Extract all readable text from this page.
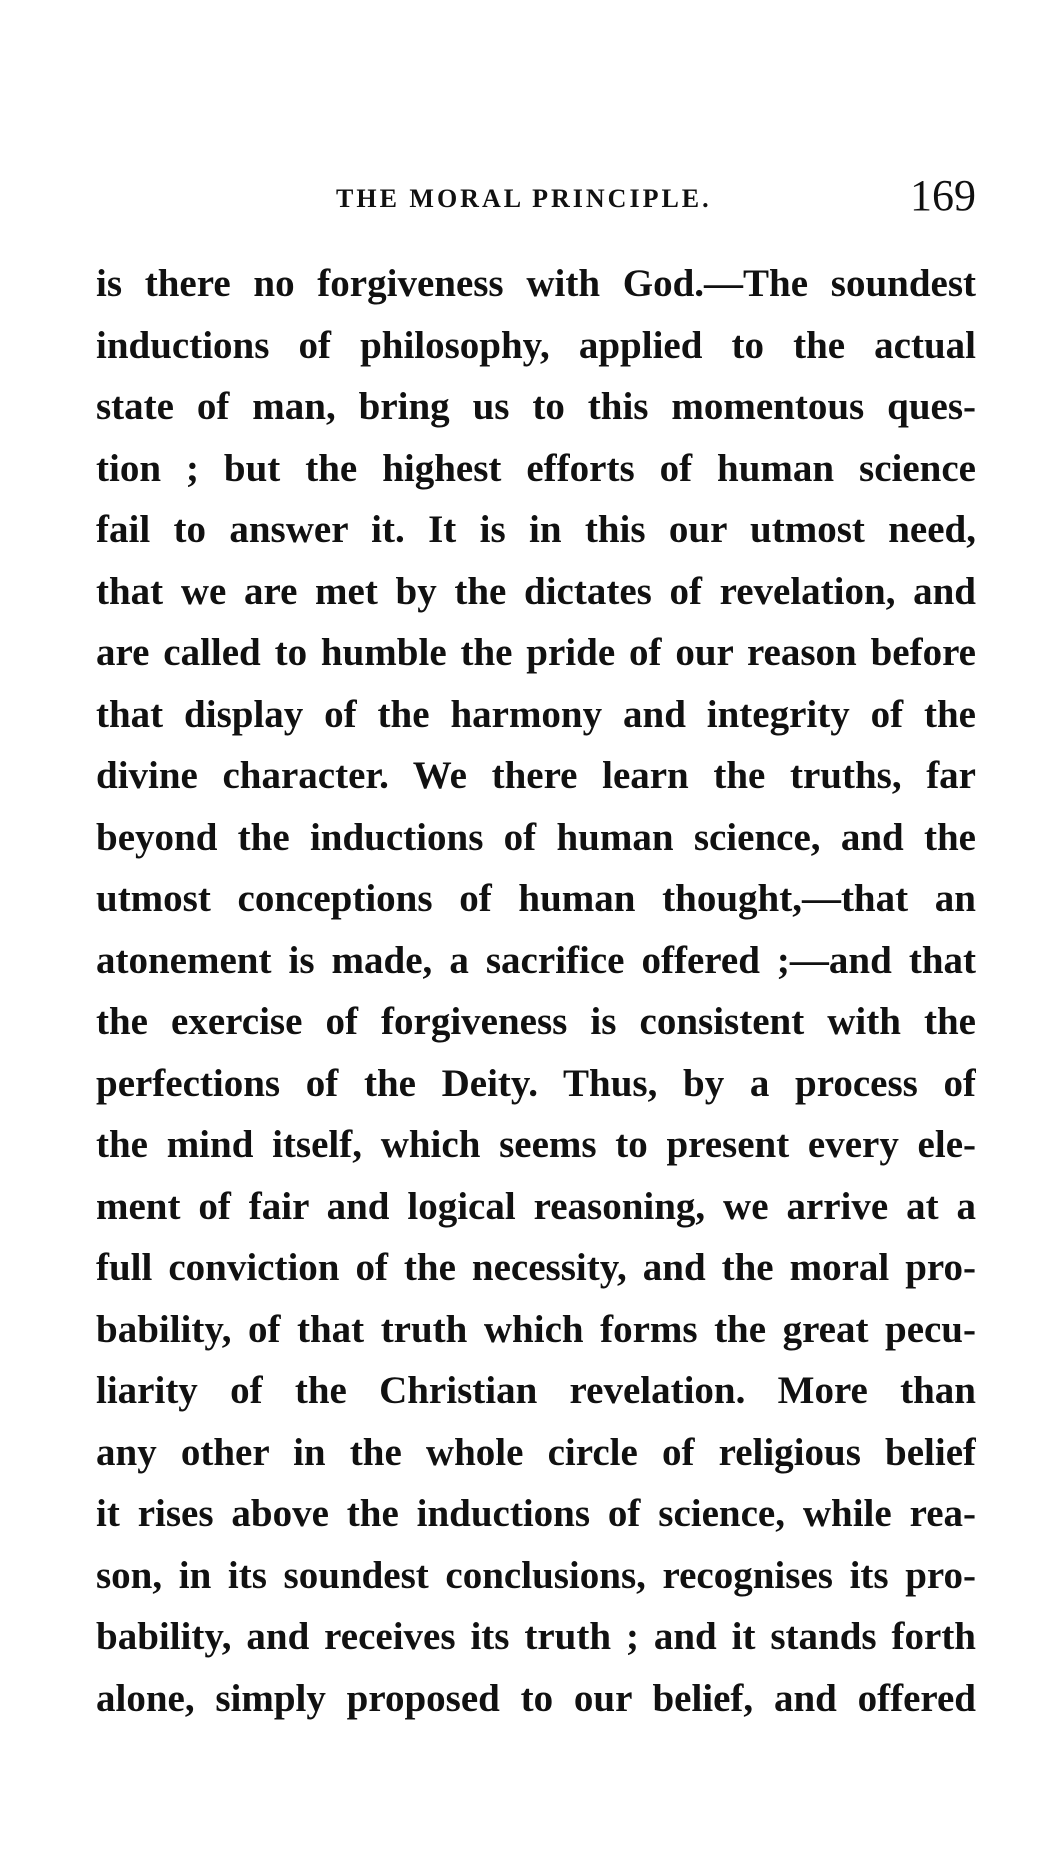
THE MORAL PRINCIPLE.	169
is there no forgiveness with God.—The soundest
inductions of philosophy, applied to the actual
state of man, bring us to this momentous ques-
tion ; but the highest efforts of human science
fail to answer it. It is in this our utmost need,
that we are met by the dictates of revelation, and
are called to humble the pride of our reason before
that display of the harmony and integrity of the
divine character. We there learn the truths, far
beyond the inductions of human science, and the
utmost conceptions of human thought,—that an
atonement is made, a sacrifice offered ;—and that
the exercise of forgiveness is consistent with the
perfections of the Deity. Thus, by a process of
the mind itself, which seems to present every ele-
ment of fair and logical reasoning, we arrive at a
full conviction of the necessity, and the moral pro-
bability, of that truth which forms the great pecu-
liarity of the Christian revelation. More than
any other in the whole circle of religious belief
it rises above the inductions of science, while rea-
son, in its soundest conclusions, recognises its pro-
bability, and receives its truth ; and it stands forth
alone, simply proposed to our belief, and offered
